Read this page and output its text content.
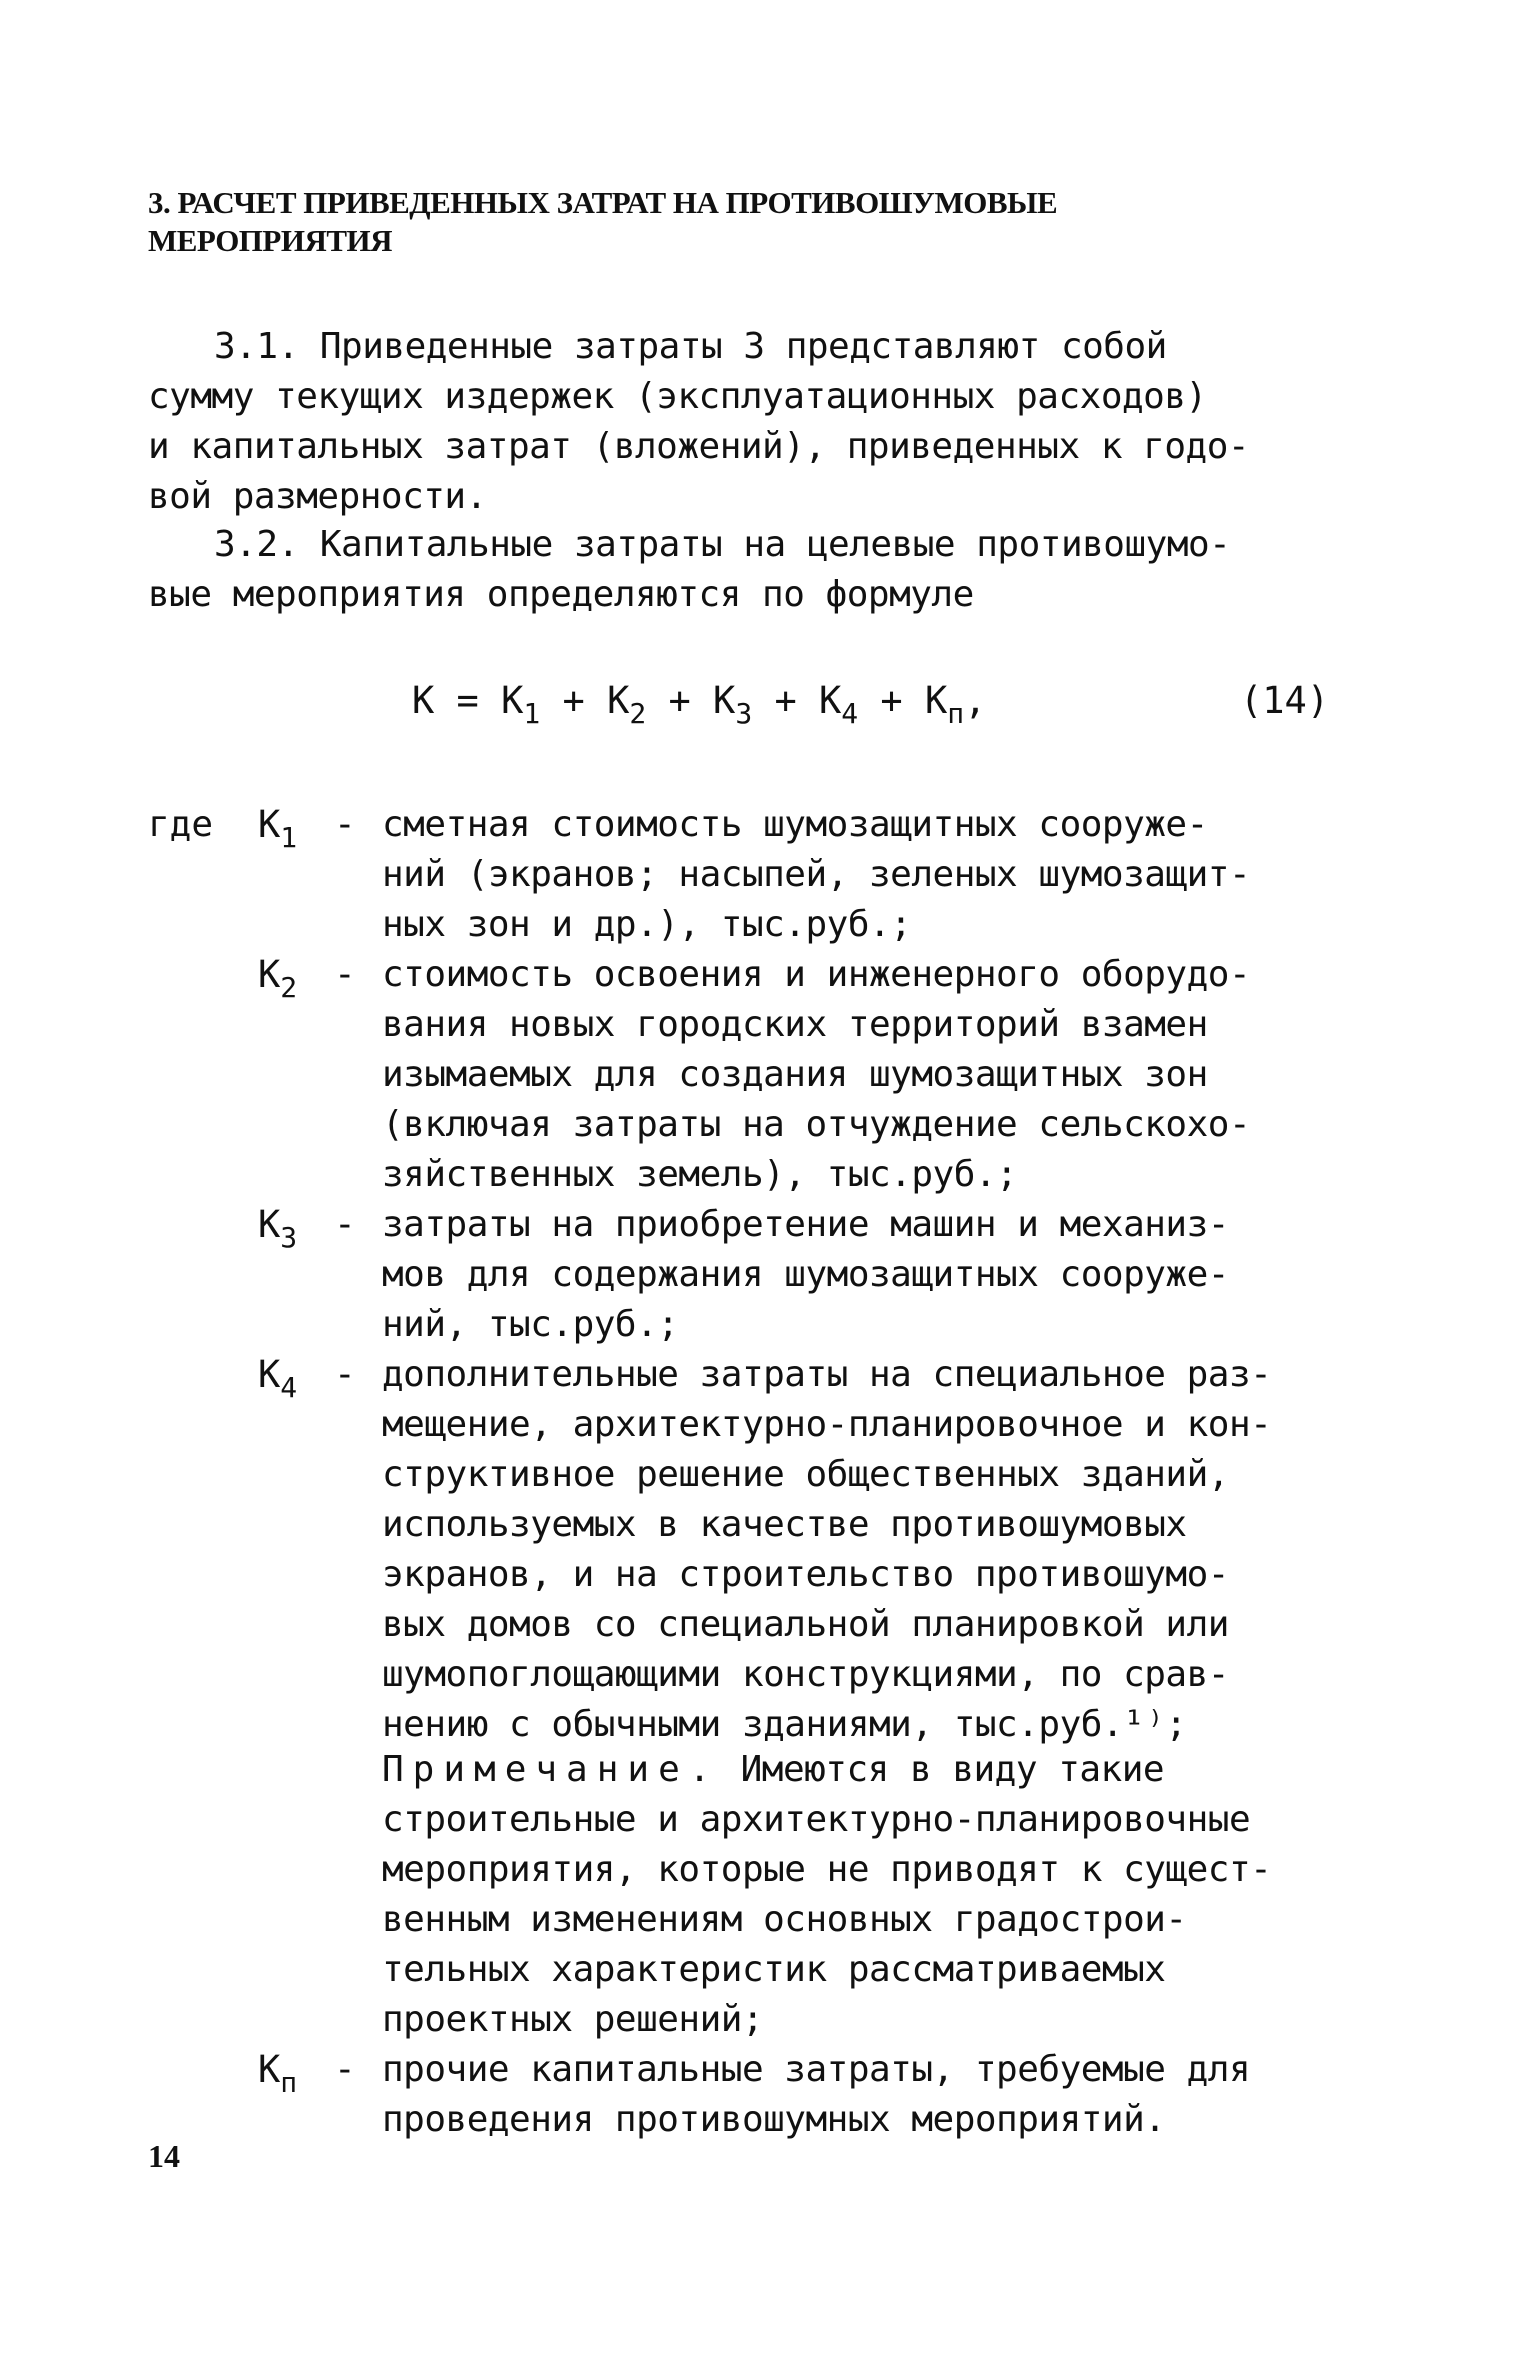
3. РАСЧЕТ ПРИВЕДЕННЫХ ЗАТРАТ НА ПРОТИВОШУМОВЫЕ
МЕРОПРИЯТИЯ
3.1. Приведенные затраты 3 представляют собой
сумму текущих издержек (эксплуатационных расходов)
и капитальных затрат (вложений), приведенных к годо-
вой размерности.
3.2. Капитальные затраты на целевые противошумо-
вые мероприятия определяются по формуле
$K = K_1 + K_2 + K_3 + K_4 + K_п$,	(14)
где $K_1$ - сметная стоимость шумозащитных сооруже-
ний (экранов; насыпей, зеленых шумозащит-
ных зон и др.), тыс.руб.;
$K_2$ - стоимость освоения и инженерного оборудо-
вания новых городских территорий взамен
изымаемых для создания шумозащитных зон
(включая затраты на отчуждение сельскохо-
зяйственных земель), тыс.руб.;
$K_3$ - затраты на приобретение машин и механиз-
мов для содержания шумозащитных сооруже-
ний, тыс.руб.;
$K_4$ - дополнительные затраты на специальное раз-
мещение, архитектурно-планировочное и кон-
структивное решение общественных зданий,
используемых в качестве противошумовых
экранов, и на строительство противошумо-
вых домов со специальной планировкой или
шумопоглощающими конструкциями, по срав-
нению с обычными зданиями, тыс.руб.¹⁾;
Примечание. Имеются в виду такие
строительные и архитектурно-планировочные
мероприятия, которые не приводят к сущест-
венным изменениям основных градострои-
тельных характеристик рассматриваемых
проектных решений;
$K_п$ - прочие капитальные затраты, требуемые для
проведения противошумных мероприятий.
14
